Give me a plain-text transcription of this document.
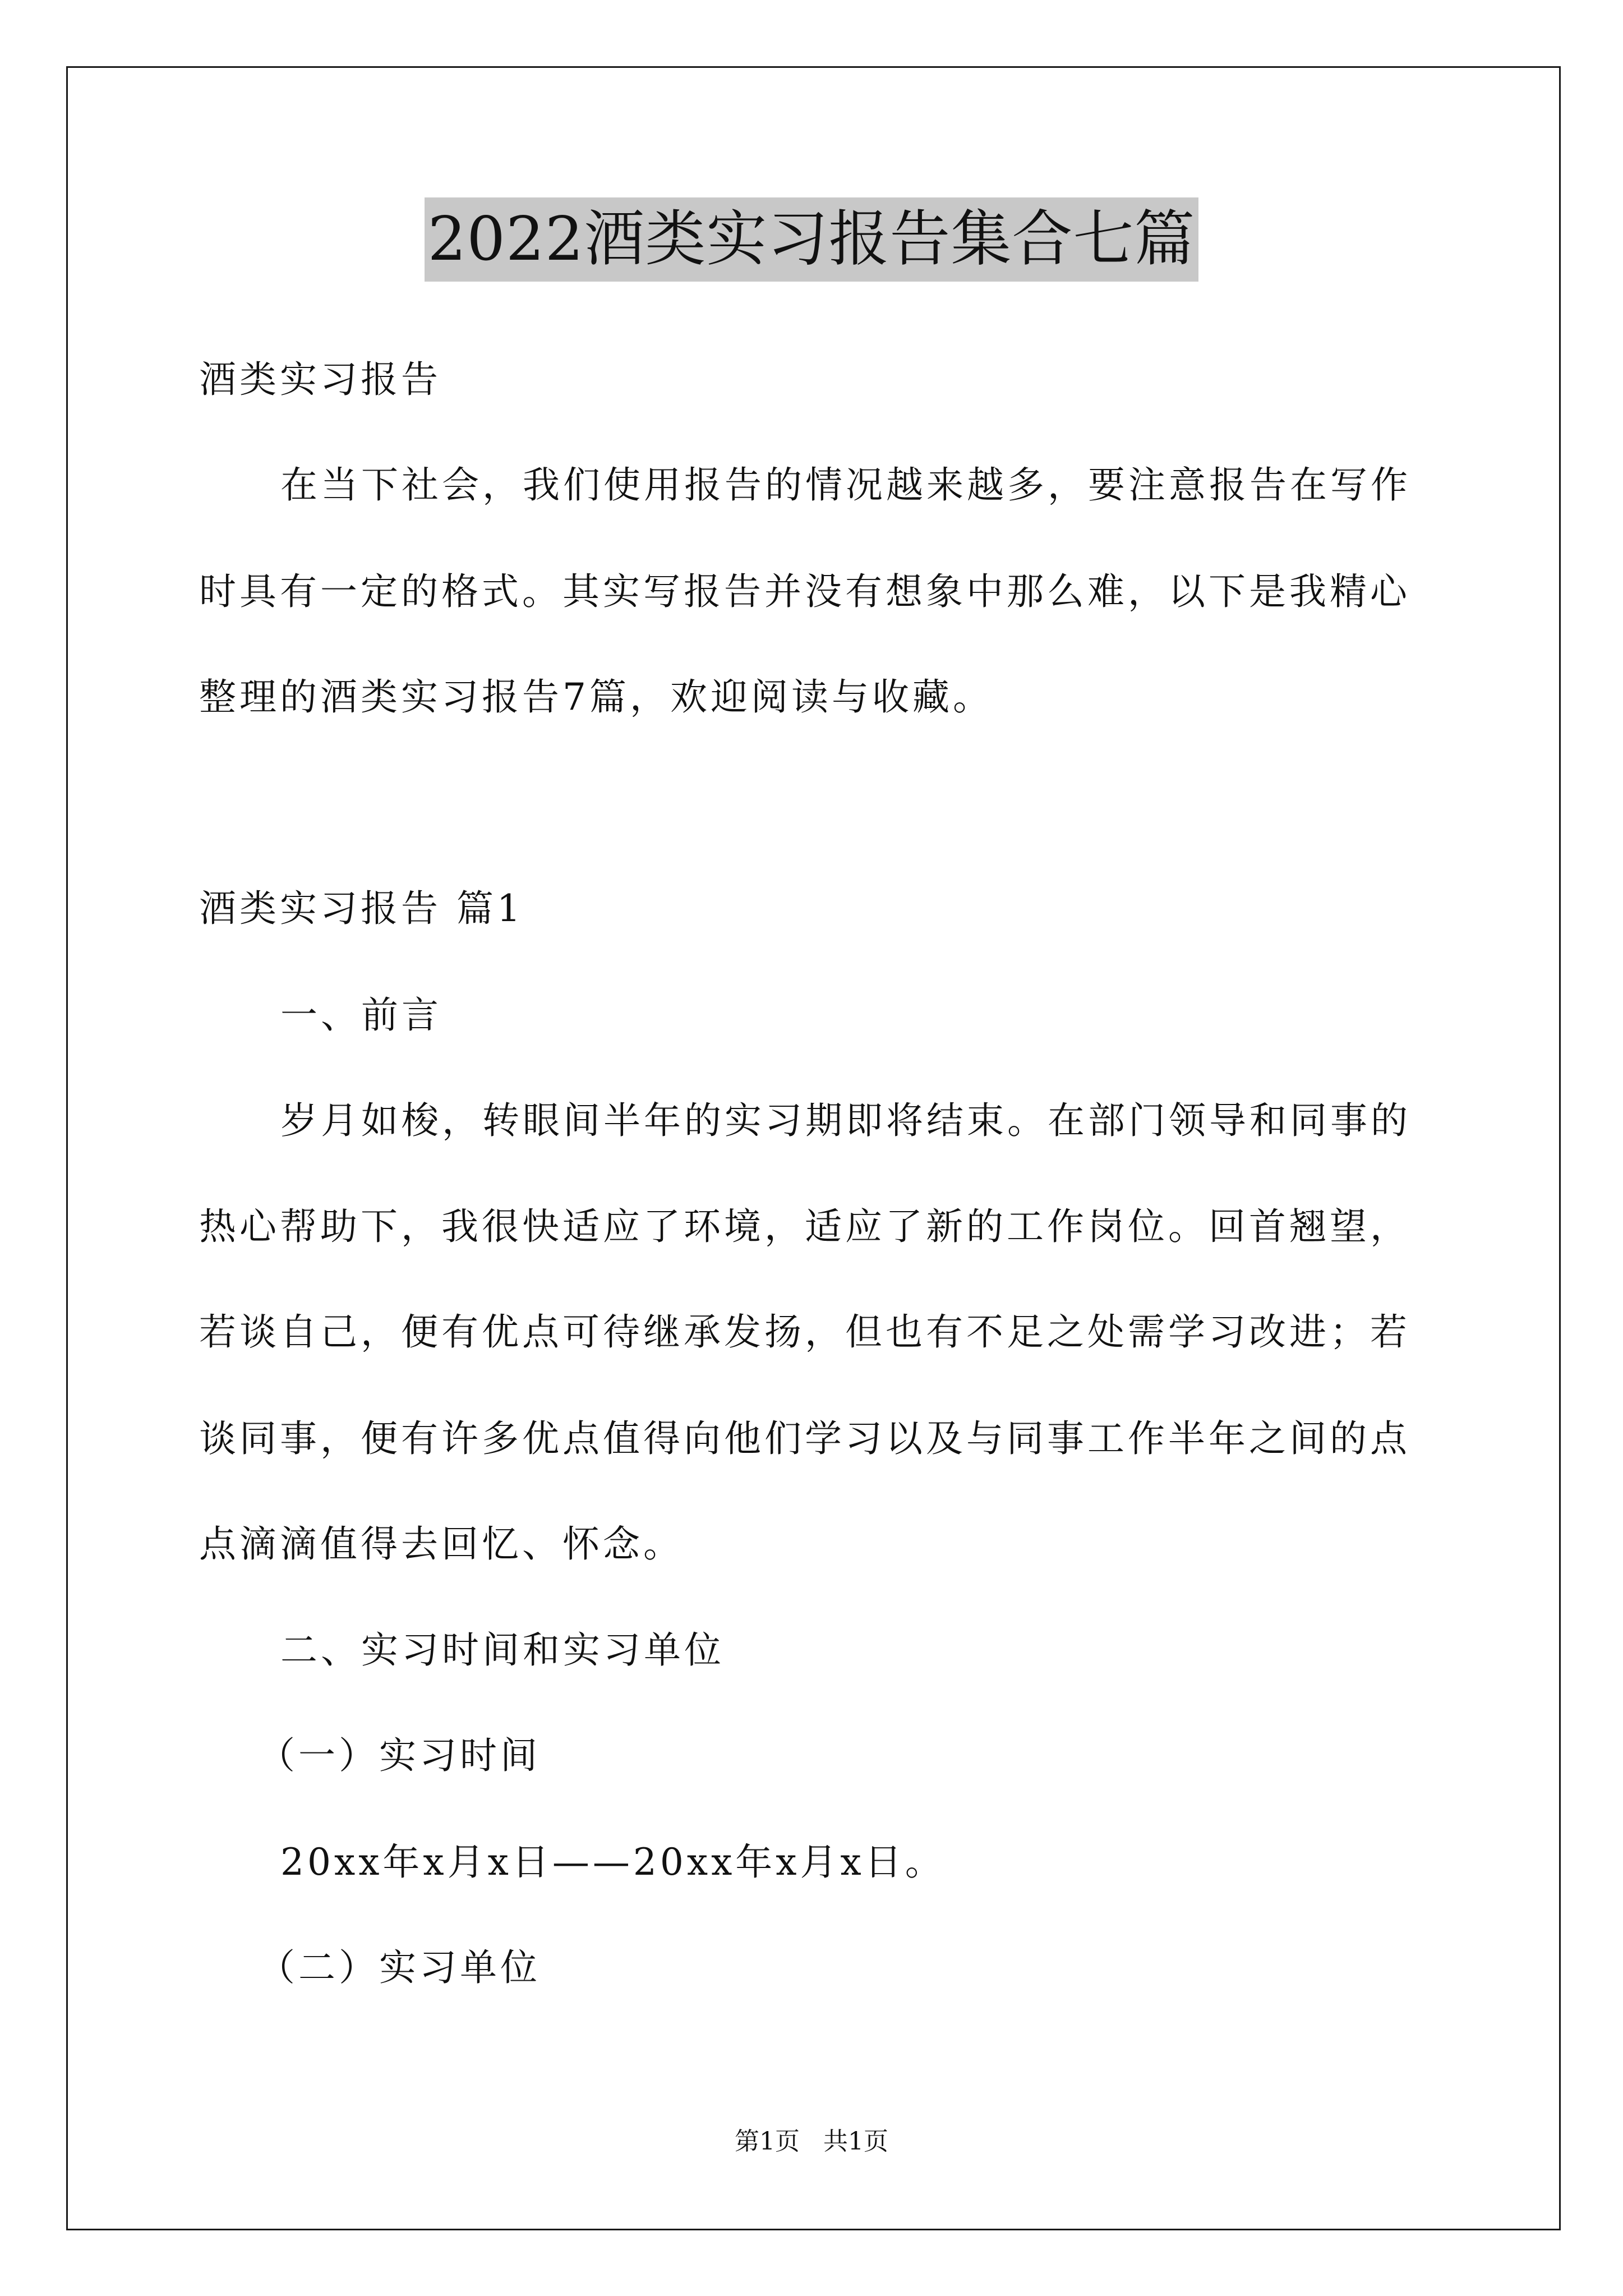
2022酒类实习报告集合七篇
酒类实习报告
在当下社会，我们使用报告的情况越来越多，要注意报告在写作
时具有一定的格式。其实写报告并没有想象中那么难，以下是我精心
整理的酒类实习报告7篇，欢迎阅读与收藏。
酒类实习报告 篇1
一、前言
岁月如梭，转眼间半年的实习期即将结束。在部门领导和同事的
热心帮助下，我很快适应了环境，适应了新的工作岗位。回首翘望，
若谈自己，便有优点可待继承发扬，但也有不足之处需学习改进；若
谈同事，便有许多优点值得向他们学习以及与同事工作半年之间的点
点滴滴值得去回忆、怀念。
二、实习时间和实习单位
（一）实习时间
20xx年x月x日——20xx年x月x日。
（二）实习单位
第1页   共1页
